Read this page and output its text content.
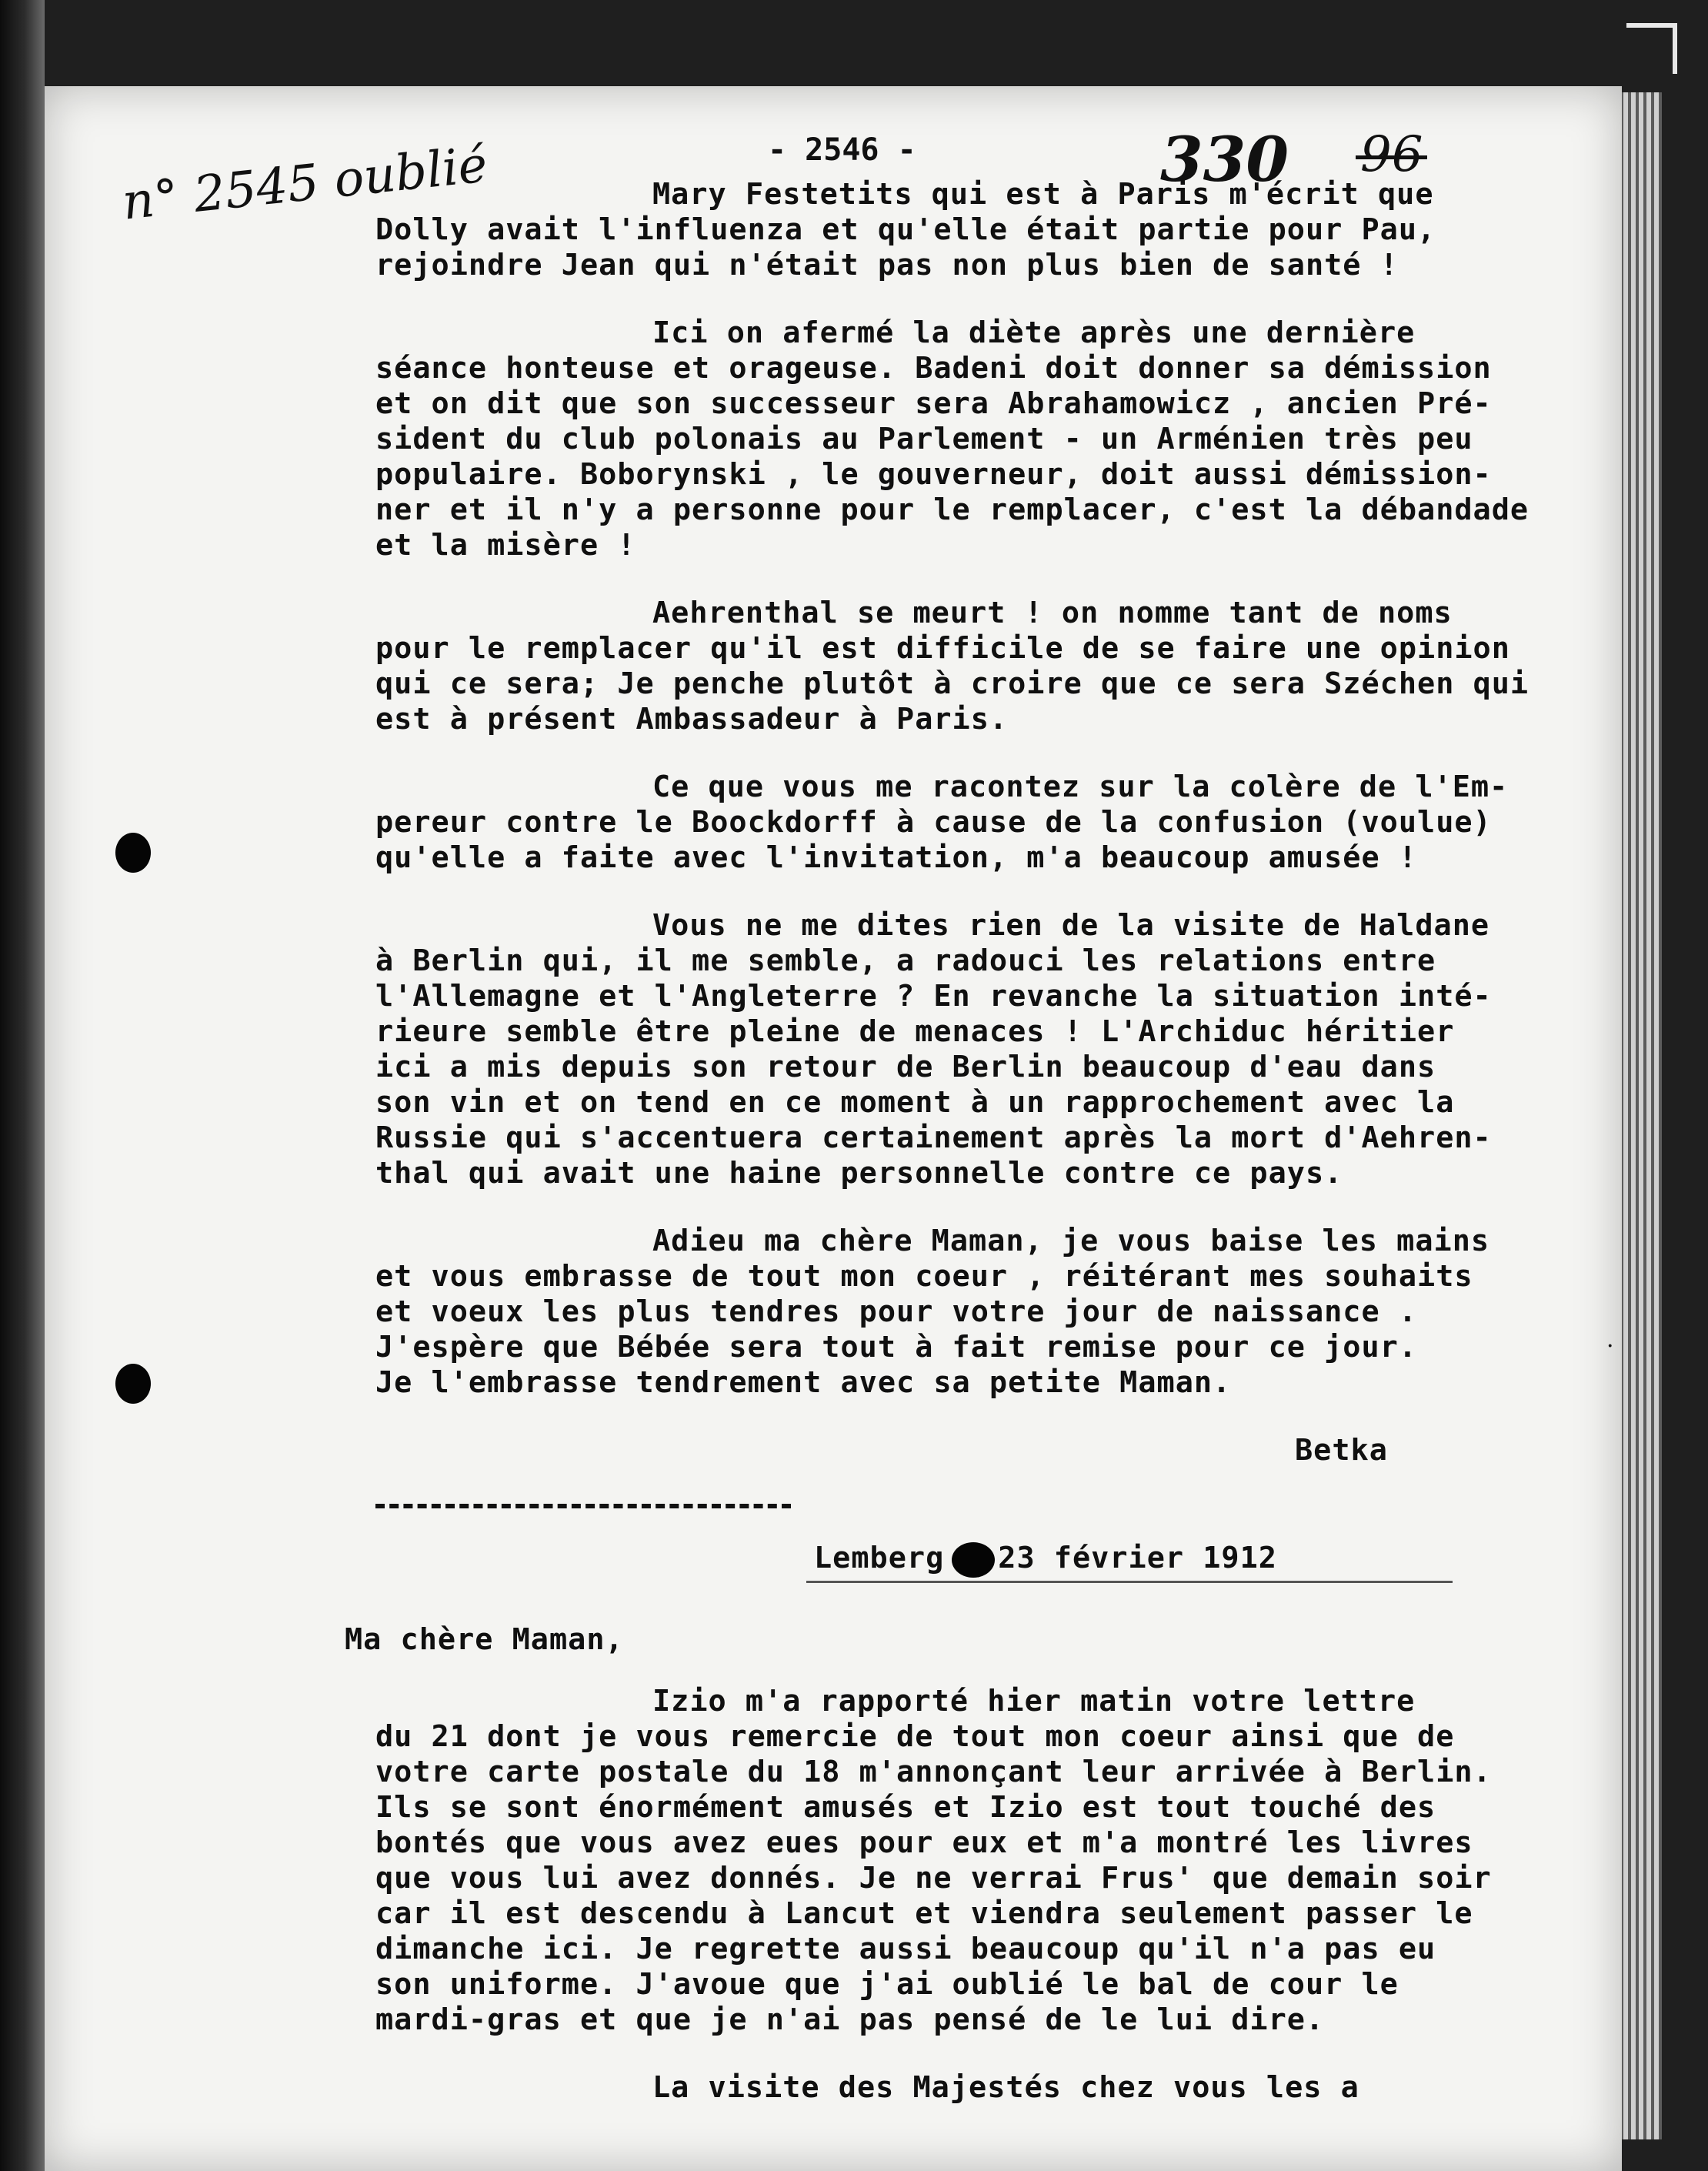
n° 2545 oublié	- 2546 -	330 96
·
Mary Festetits qui est à Paris m'écrit que
Dolly avait l'influenza et qu'elle était partie pour Pau,
rejoindre Jean qui n'était pas non plus bien de santé !
Ici on afermé la diète après une dernière
séance honteuse et orageuse. Badeni doit donner sa démission
et on dit que son successeur sera Abrahamowicz , ancien Pré-
sident du club polonais au Parlement - un Arménien très peu
populaire. Boborynski , le gouverneur, doit aussi démission-
ner et il n'y a personne pour le remplacer, c'est la débandade
et la misère !
Aehrenthal se meurt ! on nomme tant de noms
pour le remplacer qu'il est difficile de se faire une opinion
qui ce sera; Je penche plutôt à croire que ce sera Széchen qui
est à présent Ambassadeur à Paris.
Ce que vous me racontez sur la colère de l'Em-
pereur contre le Boockdorff à cause de la confusion (voulue)
qu'elle a faite avec l'invitation, m'a beaucoup amusée !
Vous ne me dites rien de la visite de Haldane
à Berlin qui, il me semble, a radouci les relations entre
l'Allemagne et l'Angleterre ? En revanche la situation inté-
rieure semble être pleine de menaces ! L'Archiduc héritier
ici a mis depuis son retour de Berlin beaucoup d'eau dans
son vin et on tend en ce moment à un rapprochement avec la
Russie qui s'accentuera certainement après la mort d'Aehren-
thal qui avait une haine personnelle contre ce pays.
Adieu ma chère Maman, je vous baise les mains
et vous embrasse de tout mon coeur , réitérant mes souhaits
et voeux les plus tendres pour votre jour de naissance .
J'espère que Bébée sera tout à fait remise pour ce jour.
Je l'embrasse tendrement avec sa petite Maman.
Betka
Lemberg 23 février 1912
Ma chère Maman,
Izio m'a rapporté hier matin votre lettre
du 21 dont je vous remercie de tout mon coeur ainsi que de
votre carte postale du 18 m'annonçant leur arrivée à Berlin.
Ils se sont énormément amusés et Izio est tout touché des
bontés que vous avez eues pour eux et m'a montré les livres
que vous lui avez donnés. Je ne verrai Frus' que demain soir
car il est descendu à Lancut et viendra seulement passer le
dimanche ici. Je regrette aussi beaucoup qu'il n'a pas eu
son uniforme. J'avoue que j'ai oublié le bal de cour le
mardi-gras et que je n'ai pas pensé de le lui dire.
La visite des Majestés chez vous les a
